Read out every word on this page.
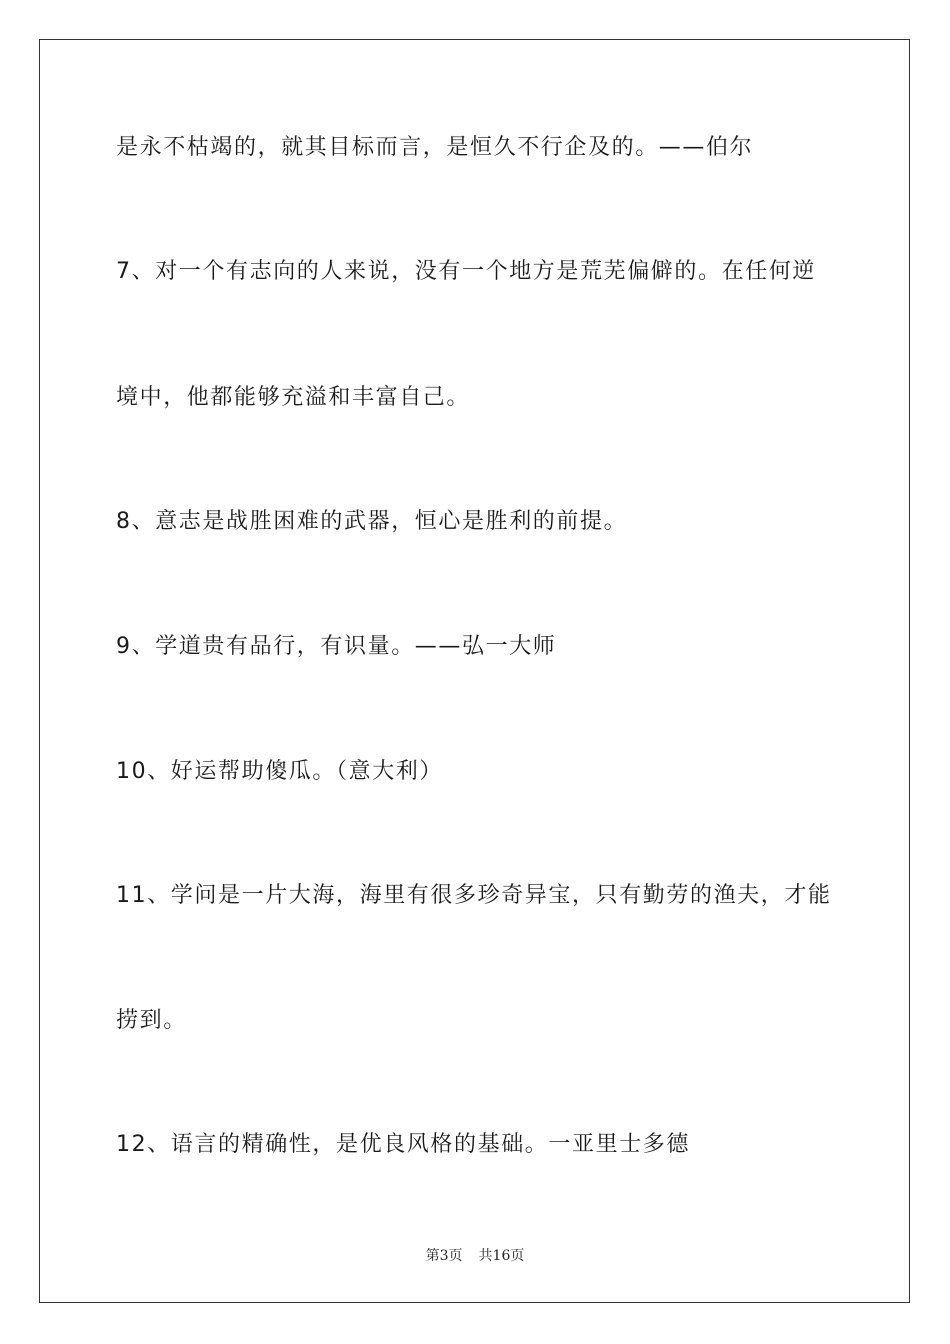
是永不枯竭的，就其目标而言，是恒久不行企及的。——伯尔
7、对一个有志向的人来说，没有一个地方是荒芜偏僻的。在任何逆
境中，他都能够充溢和丰富自己。
8、意志是战胜困难的武器，恒心是胜利的前提。
9、学道贵有品行，有识量。——弘一大师
10、好运帮助傻瓜。（意大利）
11、学问是一片大海，海里有很多珍奇异宝，只有勤劳的渔夫，才能
捞到。
12、语言的精确性，是优良风格的基础。一亚里士多德
第3页 共16页
